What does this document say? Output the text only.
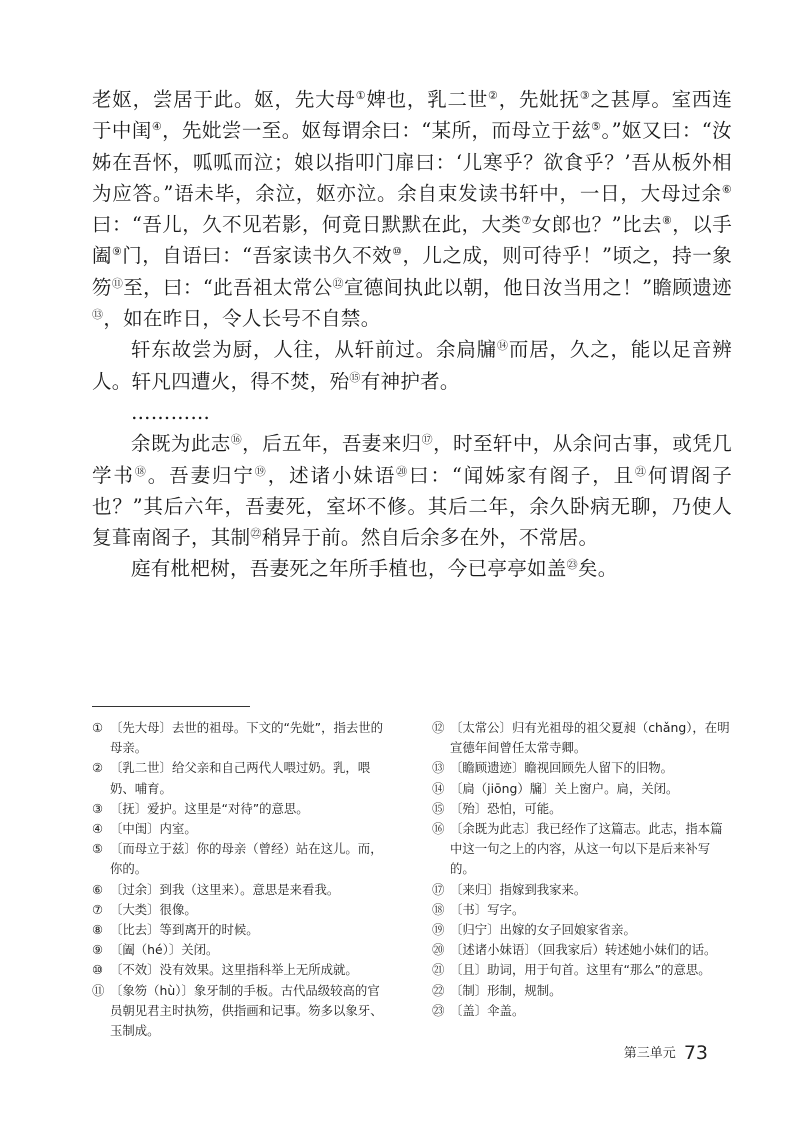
老妪，尝居于此。妪，先大母①婢也，乳二世②，先妣抚③之甚厚。室西连于中闺④，先妣尝一至。妪每谓余曰：“某所，而母立于兹⑤。”妪又曰：“汝姊在吾怀，呱呱而泣；娘以指叩门扉曰：‘儿寒乎？欲食乎？’吾从板外相为应答。”语未毕，余泣，妪亦泣。余自束发读书轩中，一日，大母过余⑥曰：“吾儿，久不见若影，何竟日默默在此，大类⑦女郎也？”比去⑧，以手阖⑨门，自语曰：“吾家读书久不效⑩，儿之成，则可待乎！”顷之，持一象笏⑪至，曰：“此吾祖太常公⑫宣德间执此以朝，他日汝当用之！”瞻顾遗迹⑬，如在昨日，令人长号不自禁。

轩东故尝为厨，人往，从轩前过。余扃牖⑭而居，久之，能以足音辨人。轩凡四遭火，得不焚，殆⑮有神护者。

…………

余既为此志⑯，后五年，吾妻来归⑰，时至轩中，从余问古事，或凭几学书⑱。吾妻归宁⑲，述诸小妹语⑳曰：“闻姊家有阁子，且$^㉑$何谓阁子也？”其后六年，吾妻死，室坏不修。其后二年，余久卧病无聊，乃使人复葺南阁子，其制$^㉒$稍异于前。然自后余多在外，不常居。

庭有枇杷树，吾妻死之年所手植也，今已亭亭如盖$^㉓$矣。

① 〔先大母〕去世的祖母。下文的“先妣”，指去世的母亲。
② 〔乳二世〕给父亲和自己两代人喂过奶。乳，喂奶、哺育。
③ 〔抚〕爱护。这里是“对待”的意思。
④ 〔中闺〕内室。
⑤ 〔而母立于兹〕你的母亲（曾经）站在这儿。而，你的。
⑥ 〔过余〕到我（这里来）。意思是来看我。
⑦ 〔大类〕很像。
⑧ 〔比去〕等到离开的时候。
⑨ 〔阖（hé）〕关闭。
⑩ 〔不效〕没有效果。这里指科举上无所成就。
⑪ 〔象笏（hù）〕象牙制的手板。古代品级较高的官员朝见君主时执笏，供指画和记事。笏多以象牙、玉制成。
⑫ 〔太常公〕归有光祖母的祖父夏昶（chǎng），在明宣德年间曾任太常寺卿。
⑬ 〔瞻顾遗迹〕瞻视回顾先人留下的旧物。
⑭ 〔扃（jiōng）牖〕关上窗户。扃，关闭。
⑮ 〔殆〕恐怕，可能。
⑯ 〔余既为此志〕我已经作了这篇志。此志，指本篇中这一句之上的内容，从这一句以下是后来补写的。
⑰ 〔来归〕指嫁到我家来。
⑱ 〔书〕写字。
⑲ 〔归宁〕出嫁的女子回娘家省亲。
⑳ 〔述诸小妹语〕（回我家后）转述她小妹们的话。
㉑ 〔且〕助词，用于句首。这里有“那么”的意思。
㉒ 〔制〕形制，规制。
㉓ 〔盖〕伞盖。
第三单元 73
